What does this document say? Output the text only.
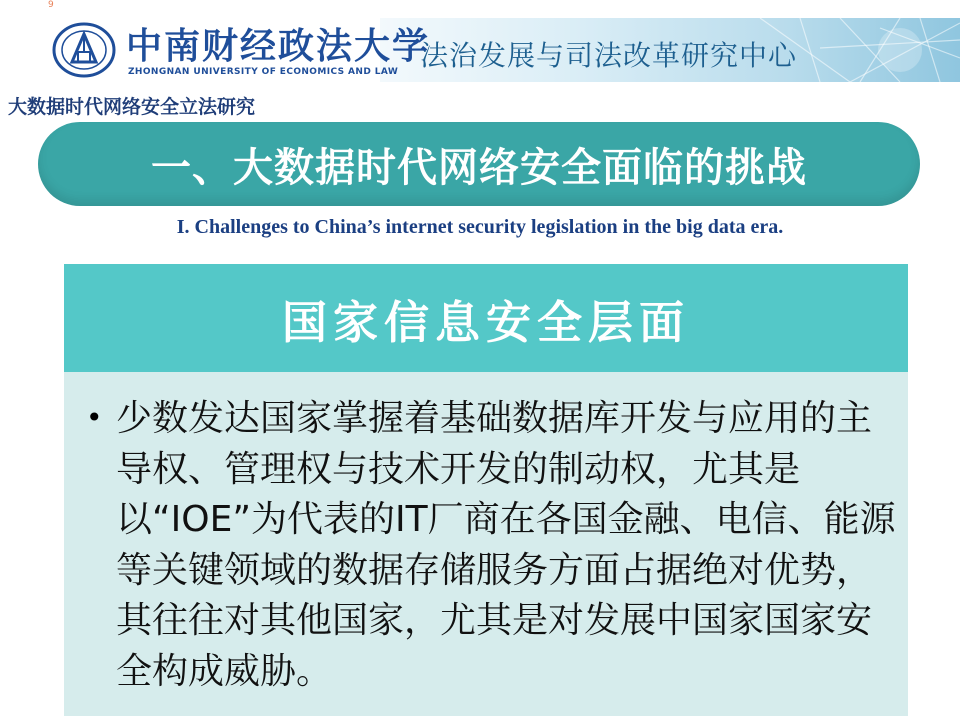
9
法治发展与司法改革研究中心
中南财经政法大学
ZHONGNAN UNIVERSITY OF ECONOMICS AND LAW
大数据时代网络安全立法研究
一、大数据时代网络安全面临的挑战
I. Challenges to China’s internet security legislation in the big data era.
国家信息安全层面
• 少数发达国家掌握着基础数据库开发与应用的主导权、管理权与技术开发的制动权，尤其是以“IOE”为代表的IT厂商在各国金融、电信、能源等关键领域的数据存储服务方面占据绝对优势，其往往对其他国家，尤其是对发展中国家国家安全构成威胁。
